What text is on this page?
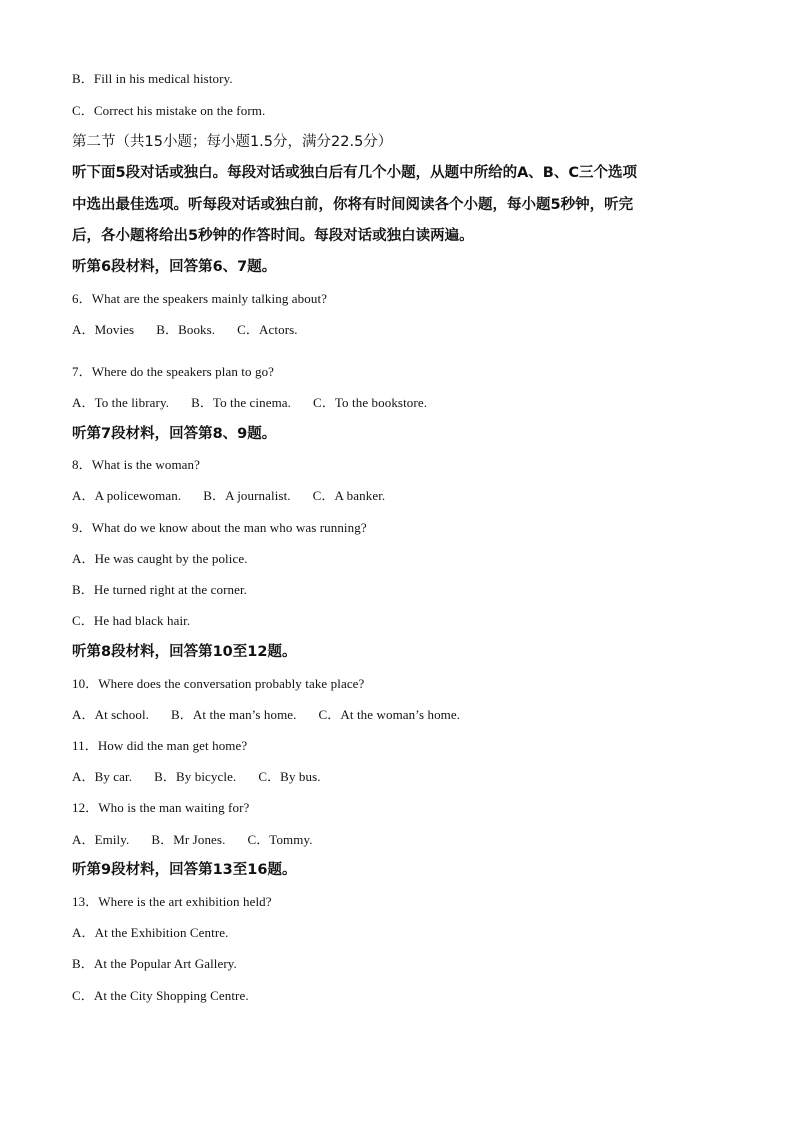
B．Fill in his medical history.
C．Correct his mistake on the form.
第二节（共15小题；每小题1.5分，满分22.5分）
听下面5段对话或独白。每段对话或独白后有几个小题，从题中所给的A、B、C三个选项
中选出最佳选项。听每段对话或独白前，你将有时间阅读各个小题，每小题5秒钟，听完
后，各小题将给出5秒钟的作答时间。每段对话或独白读两遍。
听第6段材料，回答第6、7题。
6．What are the speakers mainly talking about?
A．Movies B．Books. C．Actors.
7．Where do the speakers plan to go?
A．To the library. B．To the cinema. C．To the bookstore.
听第7段材料，回答第8、9题。
8．What is the woman?
A．A policewoman. B．A journalist. C．A banker.
9．What do we know about the man who was running?
A．He was caught by the police.
B．He turned right at the corner.
C．He had black hair.
听第8段材料，回答第10至12题。
10．Where does the conversation probably take place?
A．At school. B．At the man’s home. C．At the woman’s home.
11．How did the man get home?
A．By car. B．By bicycle. C．By bus.
12．Who is the man waiting for?
A．Emily. B．Mr Jones. C．Tommy.
听第9段材料，回答第13至16题。
13．Where is the art exhibition held?
A．At the Exhibition Centre.
B．At the Popular Art Gallery.
C．At the City Shopping Centre.
